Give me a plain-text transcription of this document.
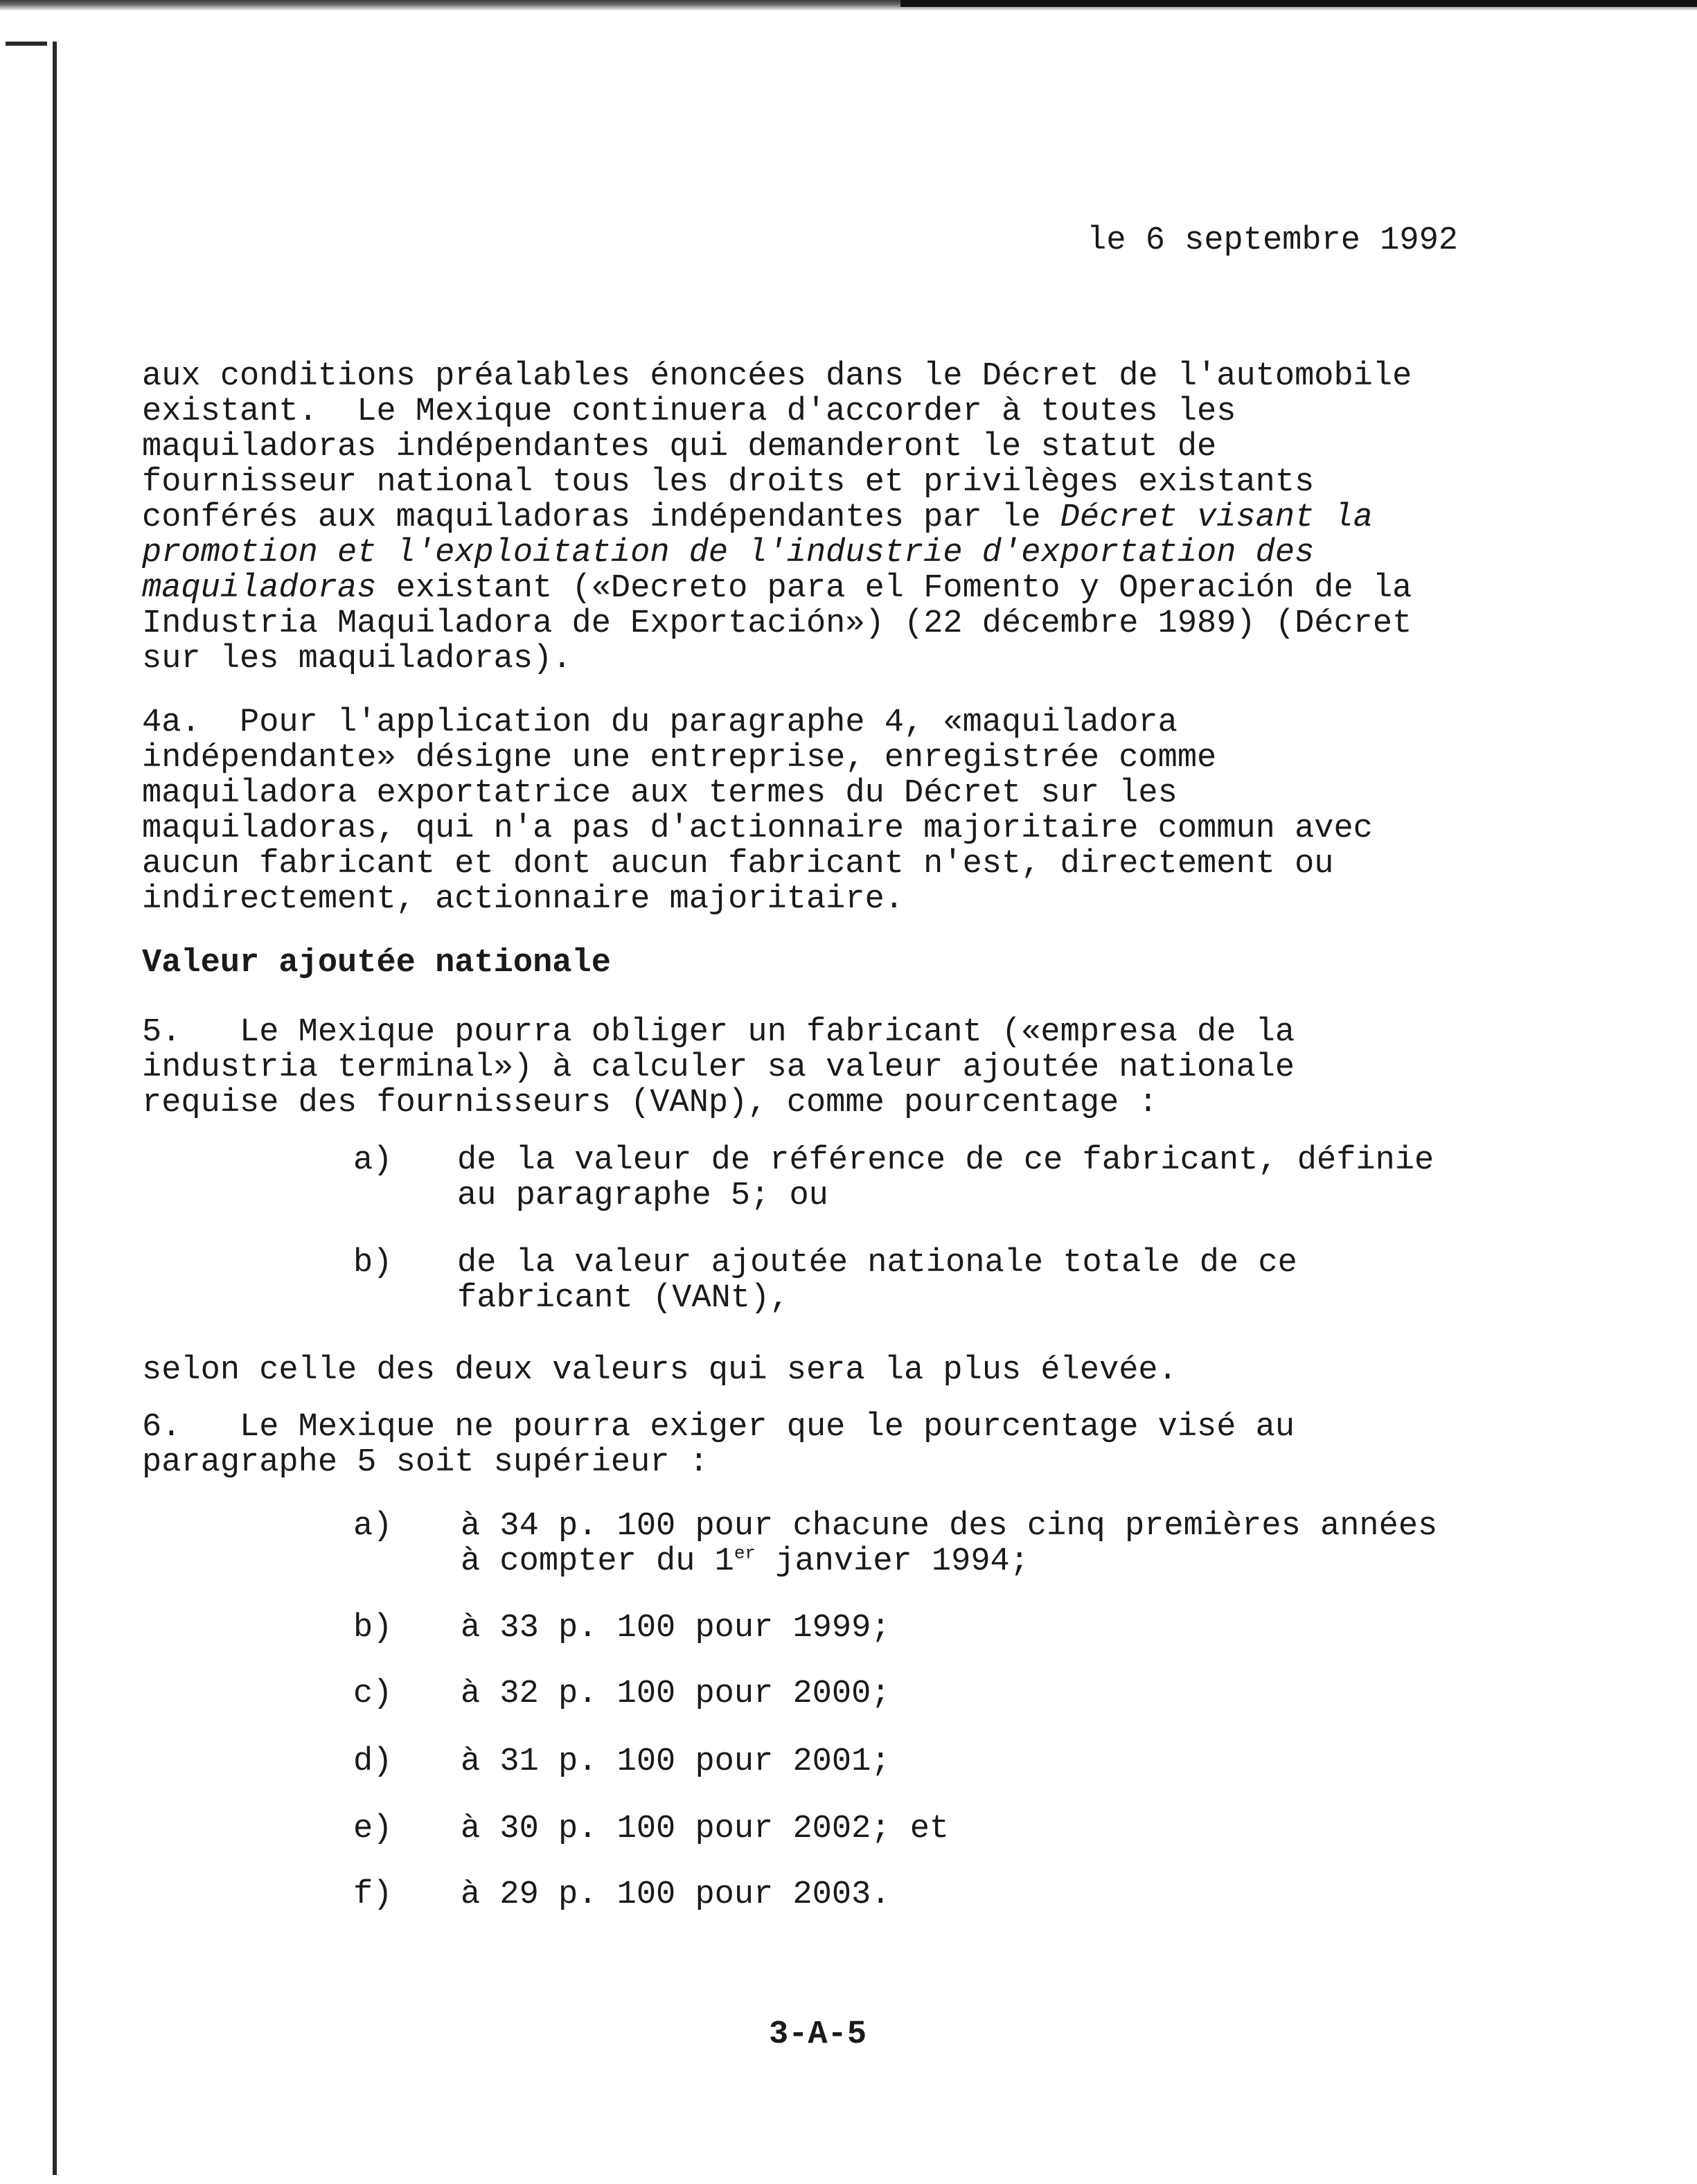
le 6 septembre 1992
aux conditions préalables énoncées dans le Décret de l'automobile
existant.  Le Mexique continuera d'accorder à toutes les
maquiladoras indépendantes qui demanderont le statut de
fournisseur national tous les droits et privilèges existants
conférés aux maquiladoras indépendantes par le Décret visant la
promotion et l'exploitation de l'industrie d'exportation des
maquiladoras existant («Decreto para el Fomento y Operación de la
Industria Maquiladora de Exportación») (22 décembre 1989) (Décret
sur les maquiladoras).
4a.  Pour l'application du paragraphe 4, «maquiladora
indépendante» désigne une entreprise, enregistrée comme
maquiladora exportatrice aux termes du Décret sur les
maquiladoras, qui n'a pas d'actionnaire majoritaire commun avec
aucun fabricant et dont aucun fabricant n'est, directement ou
indirectement, actionnaire majoritaire.
Valeur ajoutée nationale
5.   Le Mexique pourra obliger un fabricant («empresa de la
industria terminal») à calculer sa valeur ajoutée nationale
requise des fournisseurs (VANp), comme pourcentage :
a)	de la valeur de référence de ce fabricant, définie
au paragraphe 5; ou
b)	de la valeur ajoutée nationale totale de ce
fabricant (VANt),
selon celle des deux valeurs qui sera la plus élevée.
6.   Le Mexique ne pourra exiger que le pourcentage visé au
paragraphe 5 soit supérieur :
a)	à 34 p. 100 pour chacune des cinq premières années
à compter du 1er janvier 1994;
b)	à 33 p. 100 pour 1999;
c)	à 32 p. 100 pour 2000;
d)	à 31 p. 100 pour 2001;
e)	à 30 p. 100 pour 2002; et
f)	à 29 p. 100 pour 2003.
3-A-5
